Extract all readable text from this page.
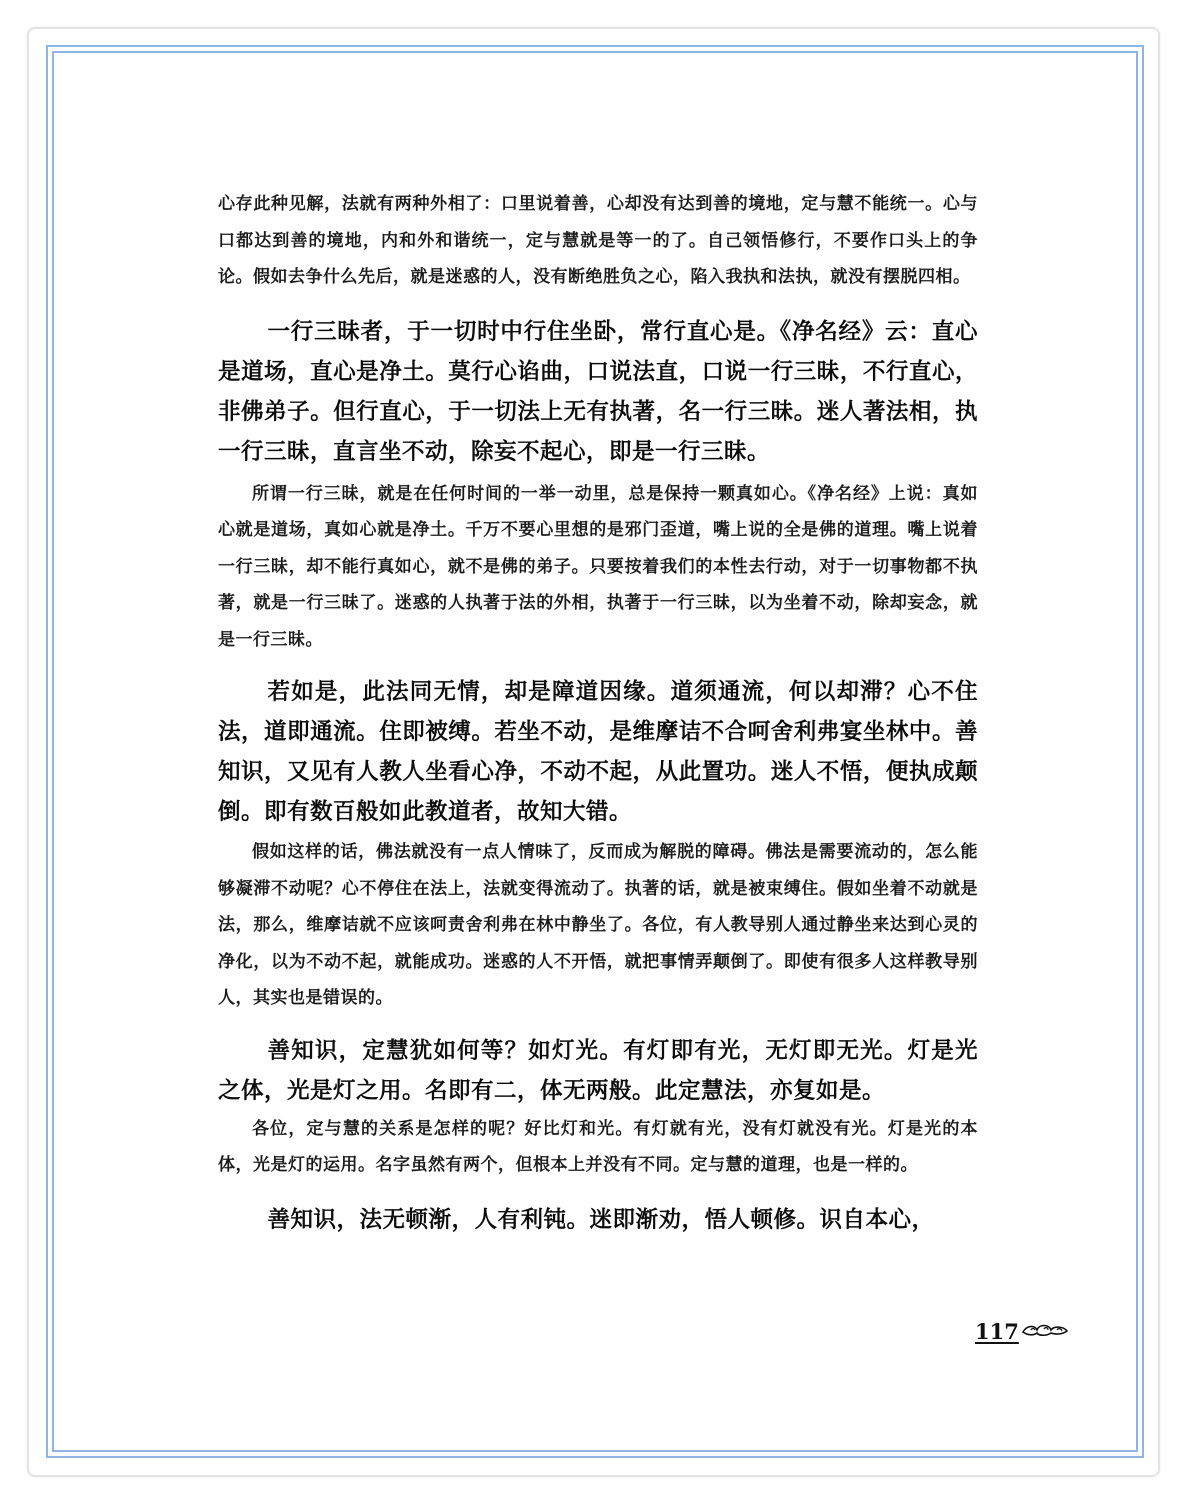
心存此种见解，法就有两种外相了：口里说着善，心却没有达到善的境地，定与慧不能统一。心与口都达到善的境地，内和外和谐统一，定与慧就是等一的了。自己领悟修行，不要作口头上的争论。假如去争什么先后，就是迷惑的人，没有断绝胜负之心，陷入我执和法执，就没有摆脱四相。

一行三昧者，于一切时中行住坐卧，常行直心是。《净名经》云：直心是道场，直心是净土。莫行心谄曲，口说法直，口说一行三昧，不行直心，非佛弟子。但行直心，于一切法上无有执著，名一行三昧。迷人著法相，执一行三昧，直言坐不动，除妄不起心，即是一行三昧。

所谓一行三昧，就是在任何时间的一举一动里，总是保持一颗真如心。《净名经》上说：真如心就是道场，真如心就是净土。千万不要心里想的是邪门歪道，嘴上说的全是佛的道理。嘴上说着一行三昧，却不能行真如心，就不是佛的弟子。只要按着我们的本性去行动，对于一切事物都不执著，就是一行三昧了。迷惑的人执著于法的外相，执著于一行三昧，以为坐着不动，除却妄念，就是一行三昧。

若如是，此法同无情，却是障道因缘。道须通流，何以却滞？心不住法，道即通流。住即被缚。若坐不动，是维摩诘不合呵舍利弗宴坐林中。善知识，又见有人教人坐看心净，不动不起，从此置功。迷人不悟，便执成颠倒。即有数百般如此教道者，故知大错。

假如这样的话，佛法就没有一点人情味了，反而成为解脱的障碍。佛法是需要流动的，怎么能够凝滞不动呢？心不停住在法上，法就变得流动了。执著的话，就是被束缚住。假如坐着不动就是法，那么，维摩诘就不应该呵责舍利弗在林中静坐了。各位，有人教导别人通过静坐来达到心灵的净化，以为不动不起，就能成功。迷惑的人不开悟，就把事情弄颠倒了。即使有很多人这样教导别人，其实也是错误的。

善知识，定慧犹如何等？如灯光。有灯即有光，无灯即无光。灯是光之体，光是灯之用。名即有二，体无两般。此定慧法，亦复如是。

各位，定与慧的关系是怎样的呢？好比灯和光。有灯就有光，没有灯就没有光。灯是光的本体，光是灯的运用。名字虽然有两个，但根本上并没有不同。定与慧的道理，也是一样的。

善知识，法无顿渐，人有利钝。迷即渐劝，悟人顿修。识自本心，

117
